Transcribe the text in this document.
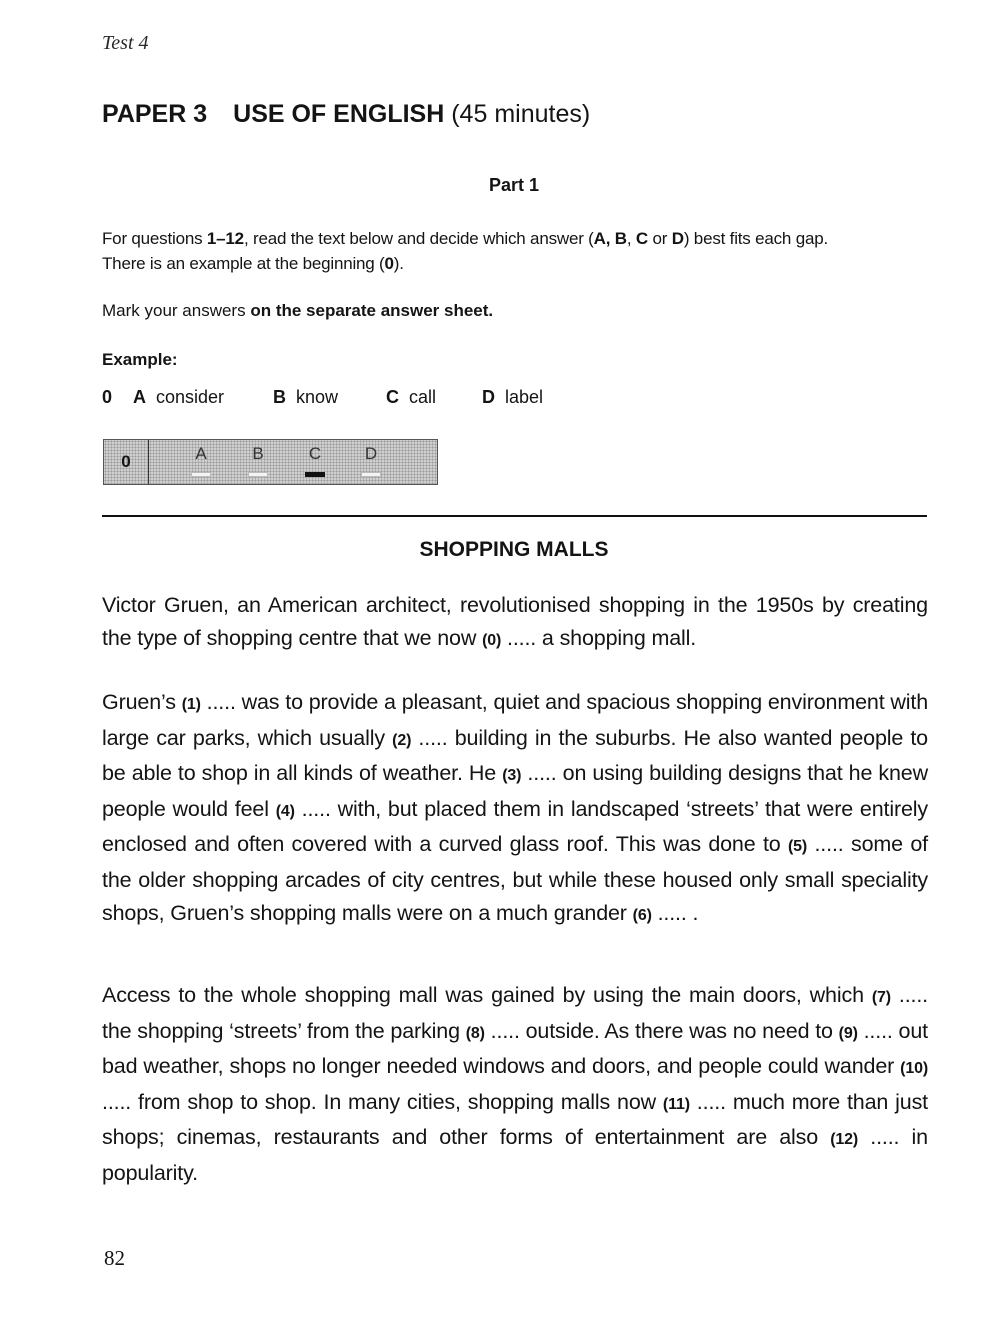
Test 4
PAPER 3 USE OF ENGLISH (45 minutes)
Part 1
For questions 1–12, read the text below and decide which answer (A, B, C or D) best fits each gap.
There is an example at the beginning (0).
Mark your answers on the separate answer sheet.
Example:
0 A consider	B know	C call	D label
0	A	B	C	D
SHOPPING MALLS
Victor Gruen, an American architect, revolutionised shopping in the 1950s by creating the type of shopping centre that we now (0) ..... a shopping mall.
Gruen’s (1) ..... was to provide a pleasant, quiet and spacious shopping environment with large car parks, which usually (2) ..... building in the suburbs. He also wanted people to be able to shop in all kinds of weather. He (3) ..... on using building designs that he knew people would feel (4) ..... with, but placed them in landscaped ‘streets’ that were entirely enclosed and often covered with a curved glass roof. This was done to (5) ..... some of the older shopping arcades of city centres, but while these housed only small speciality shops, Gruen’s shopping malls were on a much grander (6) ..... .
Access to the whole shopping mall was gained by using the main doors, which (7) ..... the shopping ‘streets’ from the parking (8) ..... outside. As there was no need to (9) ..... out bad weather, shops no longer needed windows and doors, and people could wander (10) ..... from shop to shop. In many cities, shopping malls now (11) ..... much more than just shops; cinemas, restaurants and other forms of entertainment are also (12) ..... in popularity.
82
